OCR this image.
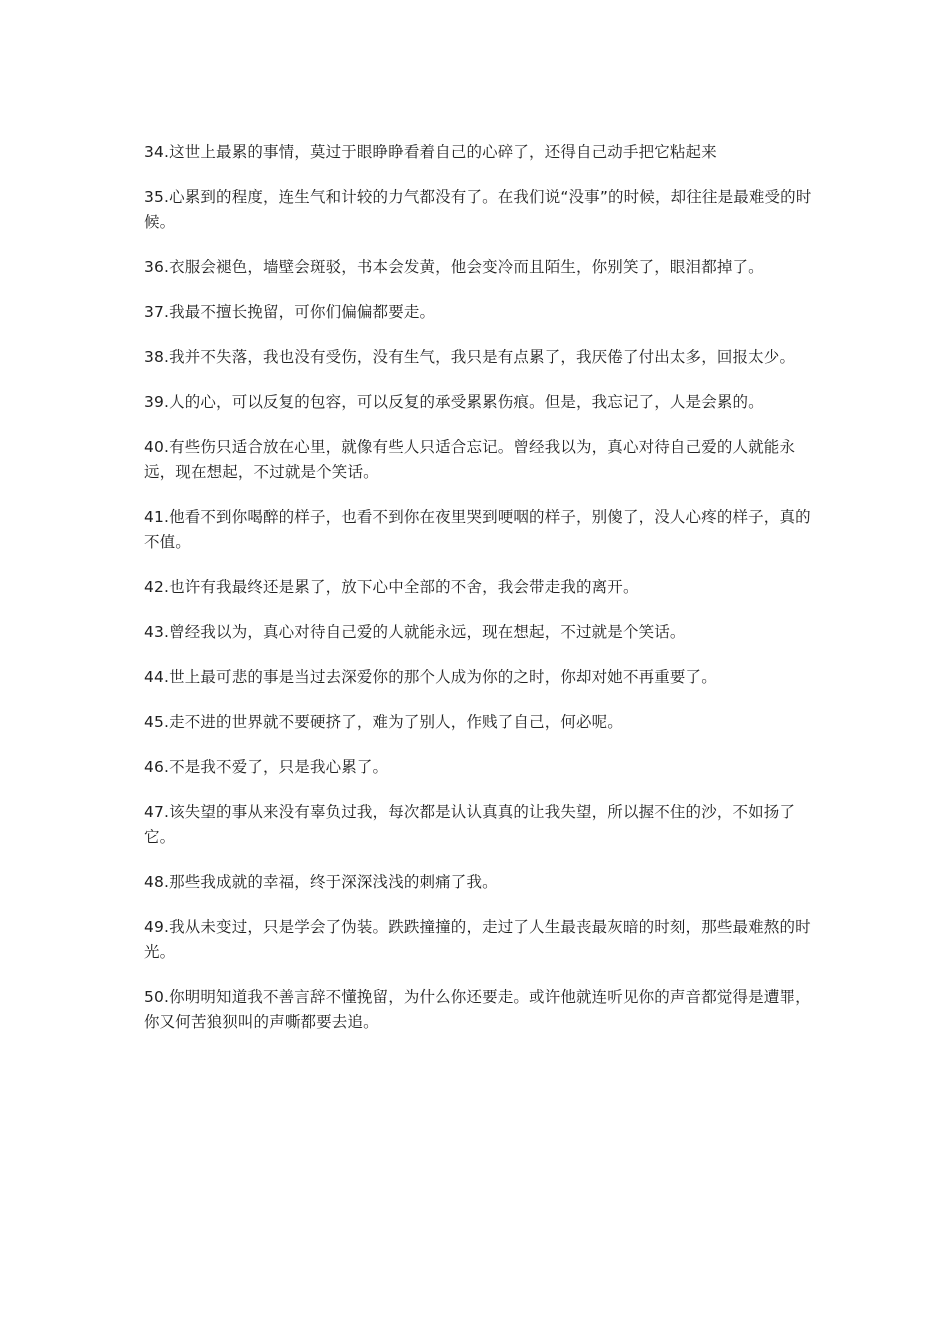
34.这世上最累的事情，莫过于眼睁睁看着自己的心碎了，还得自己动手把它粘起来

35.心累到的程度，连生气和计较的力气都没有了。在我们说“没事”的时候，却往往是最难受的时候。

36.衣服会褪色，墙壁会斑驳，书本会发黄，他会变冷而且陌生，你别笑了，眼泪都掉了。

37.我最不擅长挽留，可你们偏偏都要走。

38.我并不失落，我也没有受伤，没有生气，我只是有点累了，我厌倦了付出太多，回报太少。

39.人的心，可以反复的包容，可以反复的承受累累伤痕。但是，我忘记了，人是会累的。

40.有些伤只适合放在心里，就像有些人只适合忘记。曾经我以为，真心对待自己爱的人就能永远，现在想起，不过就是个笑话。

41.他看不到你喝醉的样子，也看不到你在夜里哭到哽咽的样子，别傻了，没人心疼的样子，真的不值。

42.也许有我最终还是累了，放下心中全部的不舍，我会带走我的离开。

43.曾经我以为，真心对待自己爱的人就能永远，现在想起，不过就是个笑话。

44.世上最可悲的事是当过去深爱你的那个人成为你的之时，你却对她不再重要了。

45.走不进的世界就不要硬挤了，难为了别人，作贱了自己，何必呢。

46.不是我不爱了，只是我心累了。

47.该失望的事从来没有辜负过我，每次都是认认真真的让我失望，所以握不住的沙，不如扬了它。

48.那些我成就的幸福，终于深深浅浅的刺痛了我。

49.我从未变过，只是学会了伪装。跌跌撞撞的，走过了人生最丧最灰暗的时刻，那些最难熬的时光。

50.你明明知道我不善言辞不懂挽留，为什么你还要走。或许他就连听见你的声音都觉得是遭罪，你又何苦狼狈叫的声嘶都要去追。
